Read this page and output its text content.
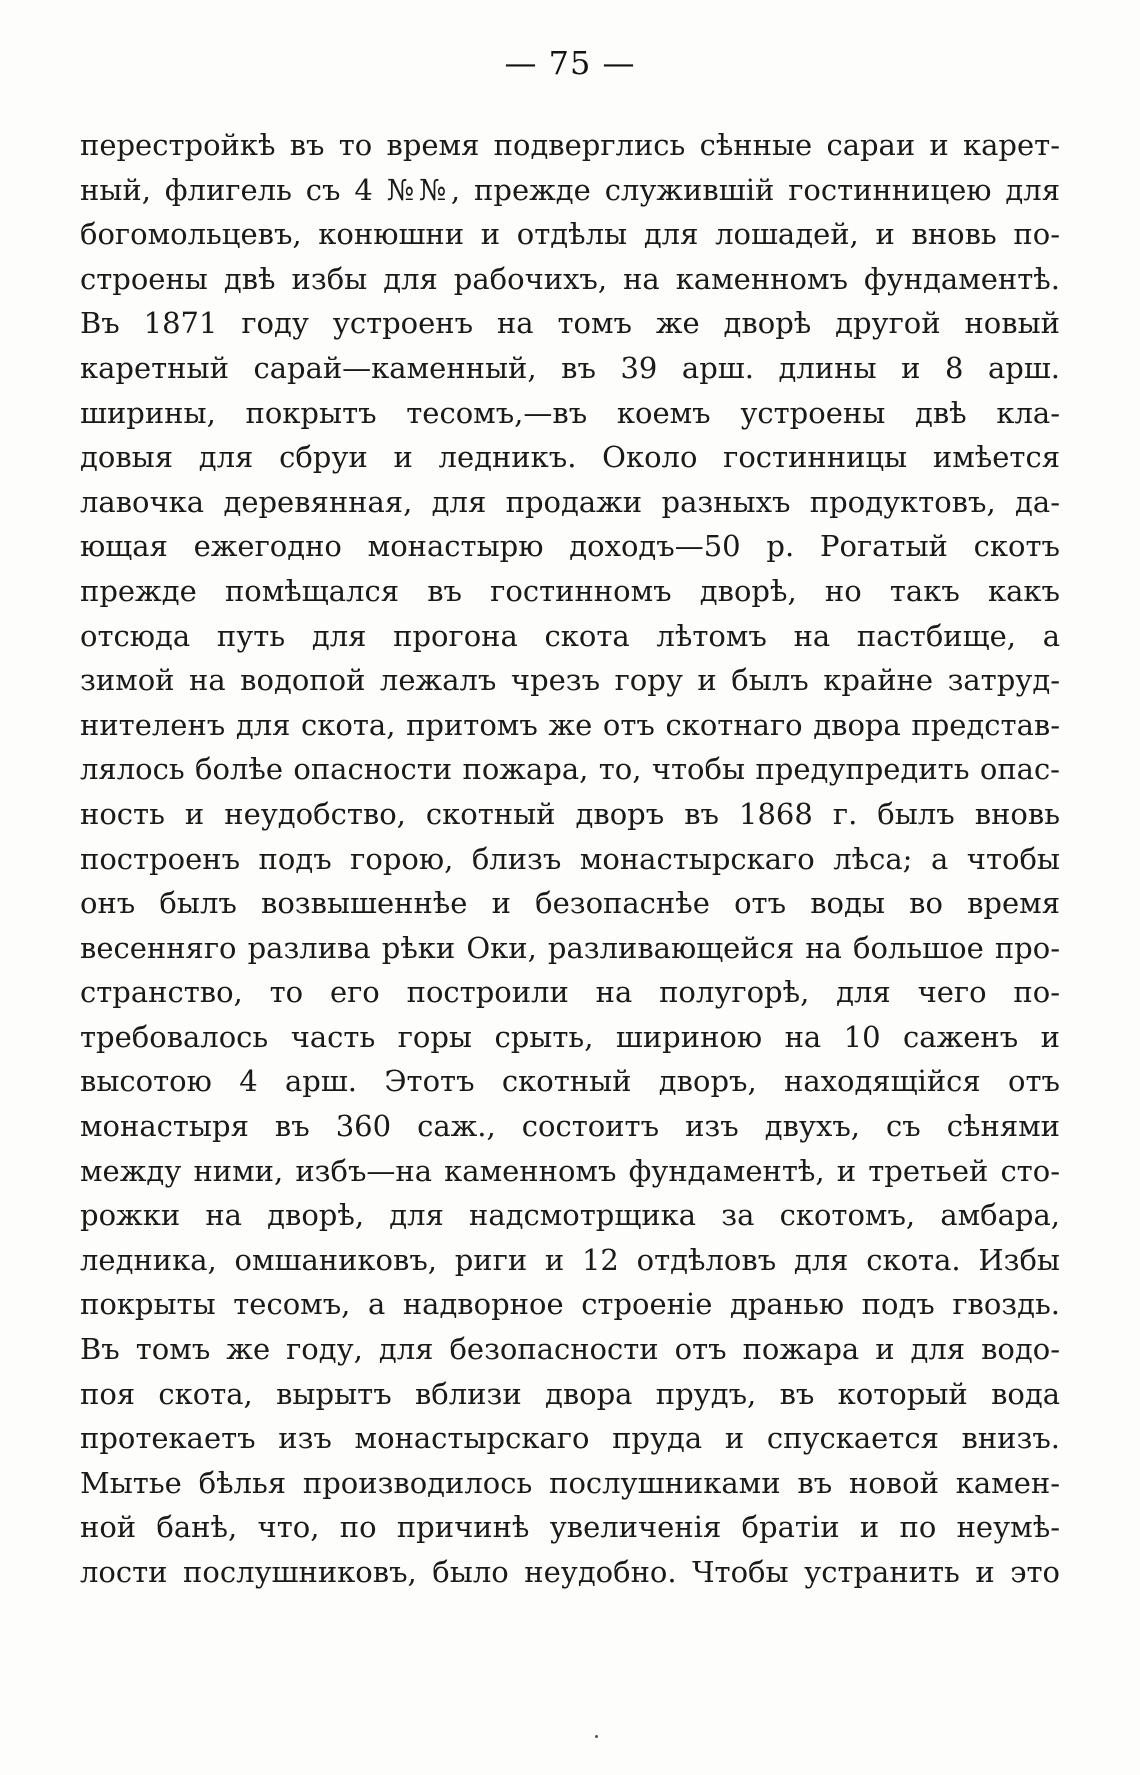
— 75 —
перестройкѣ въ то время подверглись сѣнные сараи и карет-
ный, флигель съ 4 №№, прежде служившій гостинницею для
богомольцевъ, конюшни и отдѣлы для лошадей, и вновь по-
строены двѣ избы для рабочихъ, на каменномъ фундаментѣ.
Въ 1871 году устроенъ на томъ же дворѣ другой новый
каретный сарай—каменный, въ 39 арш. длины и 8 арш.
ширины, покрытъ тесомъ,—въ коемъ устроены двѣ кла-
довыя для сбруи и ледникъ. Около гостинницы имѣется
лавочка деревянная, для продажи разныхъ продуктовъ, да-
ющая ежегодно монастырю доходъ—50 р. Рогатый скотъ
прежде помѣщался въ гостинномъ дворѣ, но такъ какъ
отсюда путь для прогона скота лѣтомъ на пастбище, а
зимой на водопой лежалъ чрезъ гору и былъ крайне затруд-
нителенъ для скота, притомъ же отъ скотнаго двора представ-
лялось болѣе опасности пожара, то, чтобы предупредить опас-
ность и неудобство, скотный дворъ въ 1868 г. былъ вновь
построенъ подъ горою, близъ монастырскаго лѣса; а чтобы
онъ былъ возвышеннѣе и безопаснѣе отъ воды во время
весенняго разлива рѣки Оки, разливающейся на большое про-
странство, то его построили на полугорѣ, для чего по-
требовалось часть горы срыть, шириною на 10 саженъ и
высотою 4 арш. Этотъ скотный дворъ, находящійся отъ
монастыря въ 360 саж., состоитъ изъ двухъ, съ сѣнями
между ними, избъ—на каменномъ фундаментѣ, и третьей сто-
рожки на дворѣ, для надсмотрщика за скотомъ, амбара,
ледника, омшаниковъ, риги и 12 отдѣловъ для скота. Избы
покрыты тесомъ, а надворное строеніе дранью подъ гвоздь.
Въ томъ же году, для безопасности отъ пожара и для водо-
поя скота, вырытъ вблизи двора прудъ, въ который вода
протекаетъ изъ монастырскаго пруда и спускается внизъ.
Мытье бѣлья производилось послушниками въ новой камен-
ной банѣ, что, по причинѣ увеличенія братіи и по неумѣ-
лости послушниковъ, было неудобно. Чтобы устранить и это
